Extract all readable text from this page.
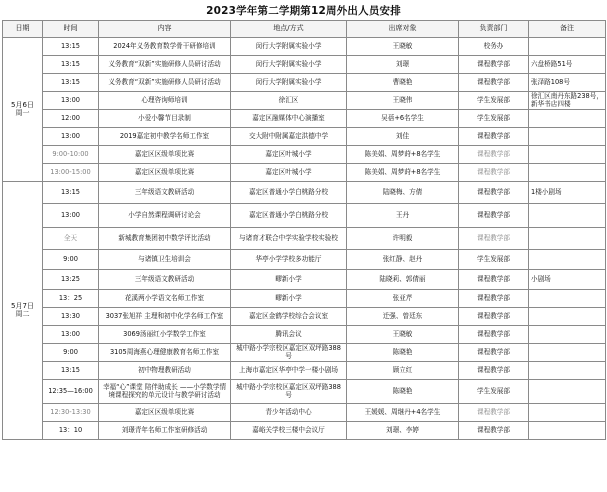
2023学年第二学期第12周外出人员安排
日期	时间	内容	地点/方式	出席对象	负责部门	备注

5月6日
周一	13:15	2024年义务教育数学骨干研修培训	闵行大学附属实验小学	王晓敏	校务办	
	13:15	义务教育“双新”实施研修人员研讨活动	闵行大学附属实验小学	刘璟	课程教学部	六盘桥路51号
	13:15	义务教育“双新”实施研修人员研讨活动	闵行大学附属实验小学	曹晓艳	课程教学部	张泽路108号
	13:00	心理咨询师培训	徐汇区	王晓伟	学生发展部	徐汇区南丹东路238号，新华书店四楼
	12:00	小爱小馨节目录制	嘉定区融媒体中心演播室	吴蓓+6名学生	学生发展部	
	13:00	2019嘉定初中教学名师工作室	交大附中附属嘉定洪德中学	刘佳	课程教学部	
	9:00-10:00	嘉定区区级单项比赛	嘉定区叶城小学	陈美娟、周梦莳+8名学生	课程教学部	
	13:00-15:00	嘉定区区级单项比赛	嘉定区叶城小学	陈美娟、周梦莳+8名学生	课程教学部	

5月7日
周二	13:15	三年级语文教研活动	嘉定区普通小学白桃路分校	陆晓梅、方倩	课程教学部	1楼小剧场
	13:00	小学自然课程调研讨论会	嘉定区普通小学白桃路分校	王丹	课程教学部	
	全天	新城教育集团初中数学评比活动	与诸育才联合中学实验学校实验校	许明毅	课程教学部	
	9:00	与诸镇卫生培训会	华亭小学学校多功能厅	张红静、赵丹	学生发展部	
	13:25	三年级语文教研活动	疁新小学	陆晓莉、郭倩丽	课程教学部	小剧场
	13：25	花溪两小学语文名师工作室	疁新小学	张亚芹	课程教学部	
	13:30	3037张旭祥 主理和初中化学名师工作室	嘉定区金鹤学校综合会议室	迁强、曾廷东	课程教学部	
	13:00	3069汤丽红小学数学工作室	腾讯会议	王晓敏	课程教学部	
	9:00	3105周海燕心理健康教育名师工作室	城中路小学宗校区嘉定区双坪路388号	陈晓艳	课程教学部	
	13:15	初中物理教研活动	上海市嘉定区华亭中学一楼小剧场	顾立红	课程教学部	
	12:35—16:00	幸福“心”课堂 陪伴助成长 ——小学数学情境课程探究的单元设计与教学研讨活动	城中路小学宗校区嘉定区双坪路388号	陈晓艳	学生发展部	
	12:30-13:30	嘉定区区级单项比赛	青少年活动中心	王媛媛、周继丹+4名学生	课程教学部	
	13：10	刘璟青年名师工作室研修活动	嘉峪关学校三楼中会议厅	刘璟、李婷	课程教学部	
